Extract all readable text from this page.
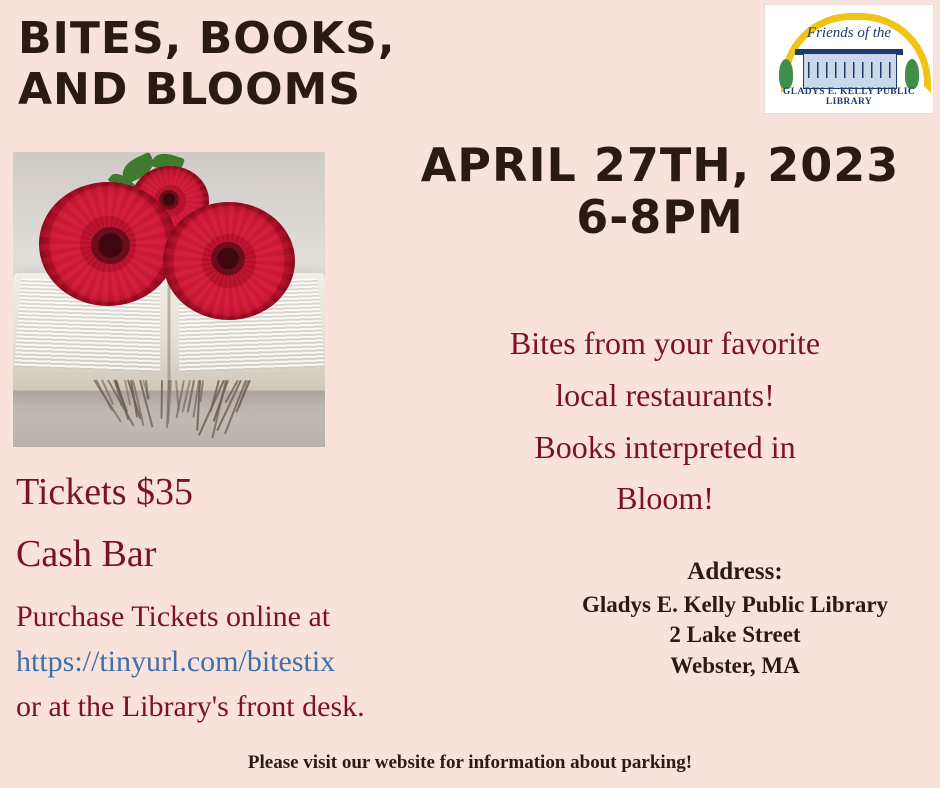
BITES, BOOKS,
AND BLOOMS
Tickets $35
Cash Bar
Purchase Tickets online at
https://tinyurl.com/bitestix
or at the Library's front desk.
Friends of the
GLADYS E. KELLY PUBLIC LIBRARY
APRIL 27TH, 2023
6-8PM
Bites from your favorite
local restaurants!
Books interpreted in
Bloom!
Address:
Gladys E. Kelly Public Library
2 Lake Street
Webster, MA
Please visit our website for information about parking!
